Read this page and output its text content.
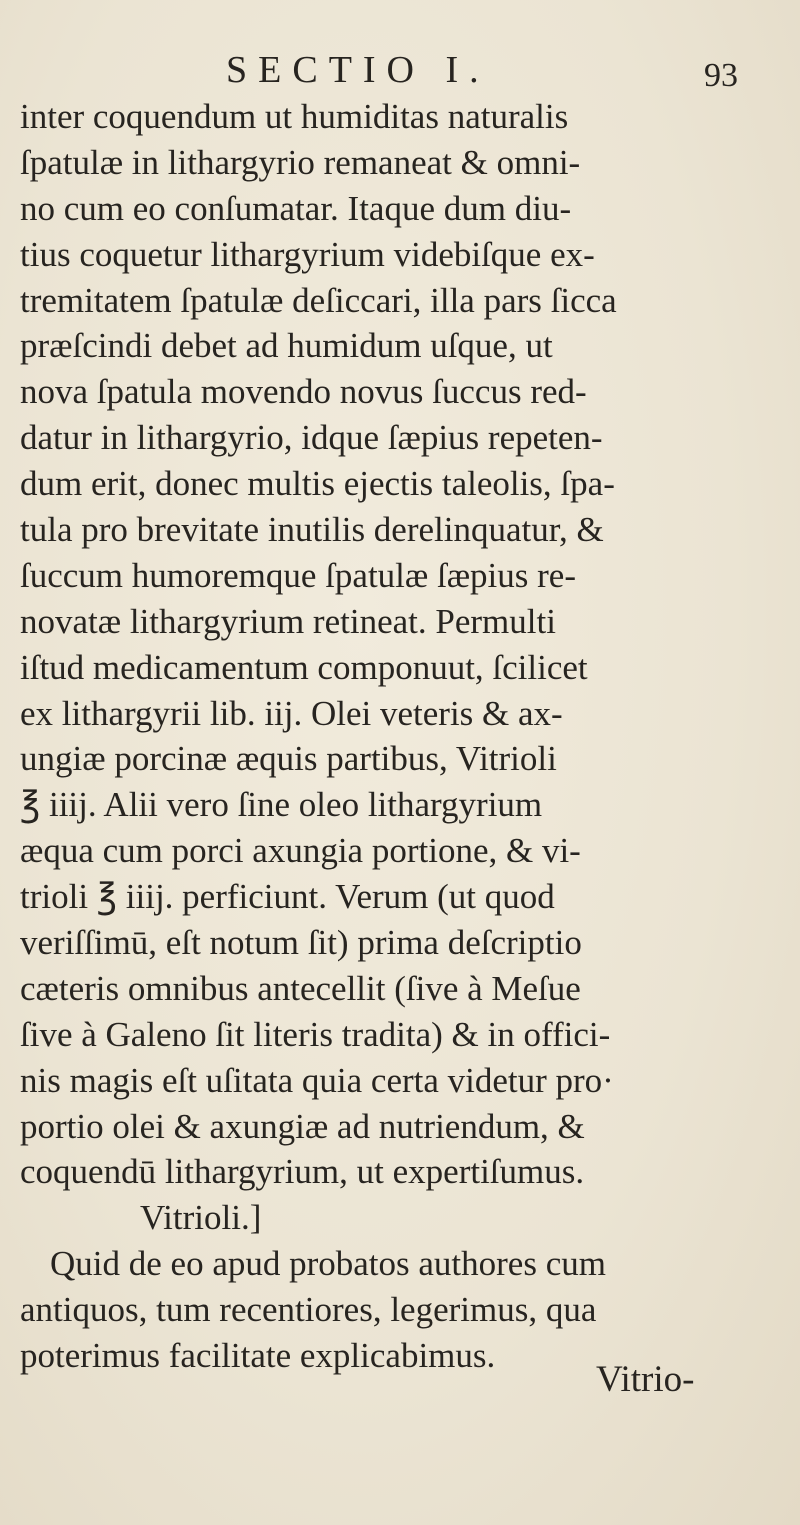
SECTIO I.	93
inter coquendum ut humiditas naturalis
ſpatulæ in lithargyrio remaneat & omni-
no cum eo conſumatar. Itaque dum diu-
tius coquetur lithargyrium videbiſque ex-
tremitatem ſpatulæ deſiccari, illa pars ſicca
præſcindi debet ad humidum uſque, ut
nova ſpatula movendo novus ſuccus red-
datur in lithargyrio, idque ſæpius repeten-
dum erit, donec multis ejectis taleolis, ſpa-
tula pro brevitate inutilis derelinquatur, &
ſuccum humoremque ſpatulæ ſæpius re-
novatæ lithargyrium retineat. Permulti
iſtud medicamentum componuut, ſcilicet
ex lithargyrii lib. iij. Olei veteris & ax-
ungiæ porcinæ æquis partibus, Vitrioli
℥ iiij. Alii vero ſine oleo lithargyrium
æqua cum porci axungia portione, & vi-
trioli ℥ iiij. perficiunt. Verum (ut quod
veriſſimū, eſt notum ſit) prima deſcriptio
cæteris omnibus antecellit (ſive à Meſue
ſive à Galeno ſit literis tradita) & in offici-
nis magis eſt uſitata quia certa videtur pro·
portio olei & axungiæ ad nutriendum, &
coquendū lithargyrium, ut expertiſumus.
Vitrioli.]
Quid de eo apud probatos authores cum
antiquos, tum recentiores, legerimus, qua
poterimus facilitate explicabimus.
Vitrio-
